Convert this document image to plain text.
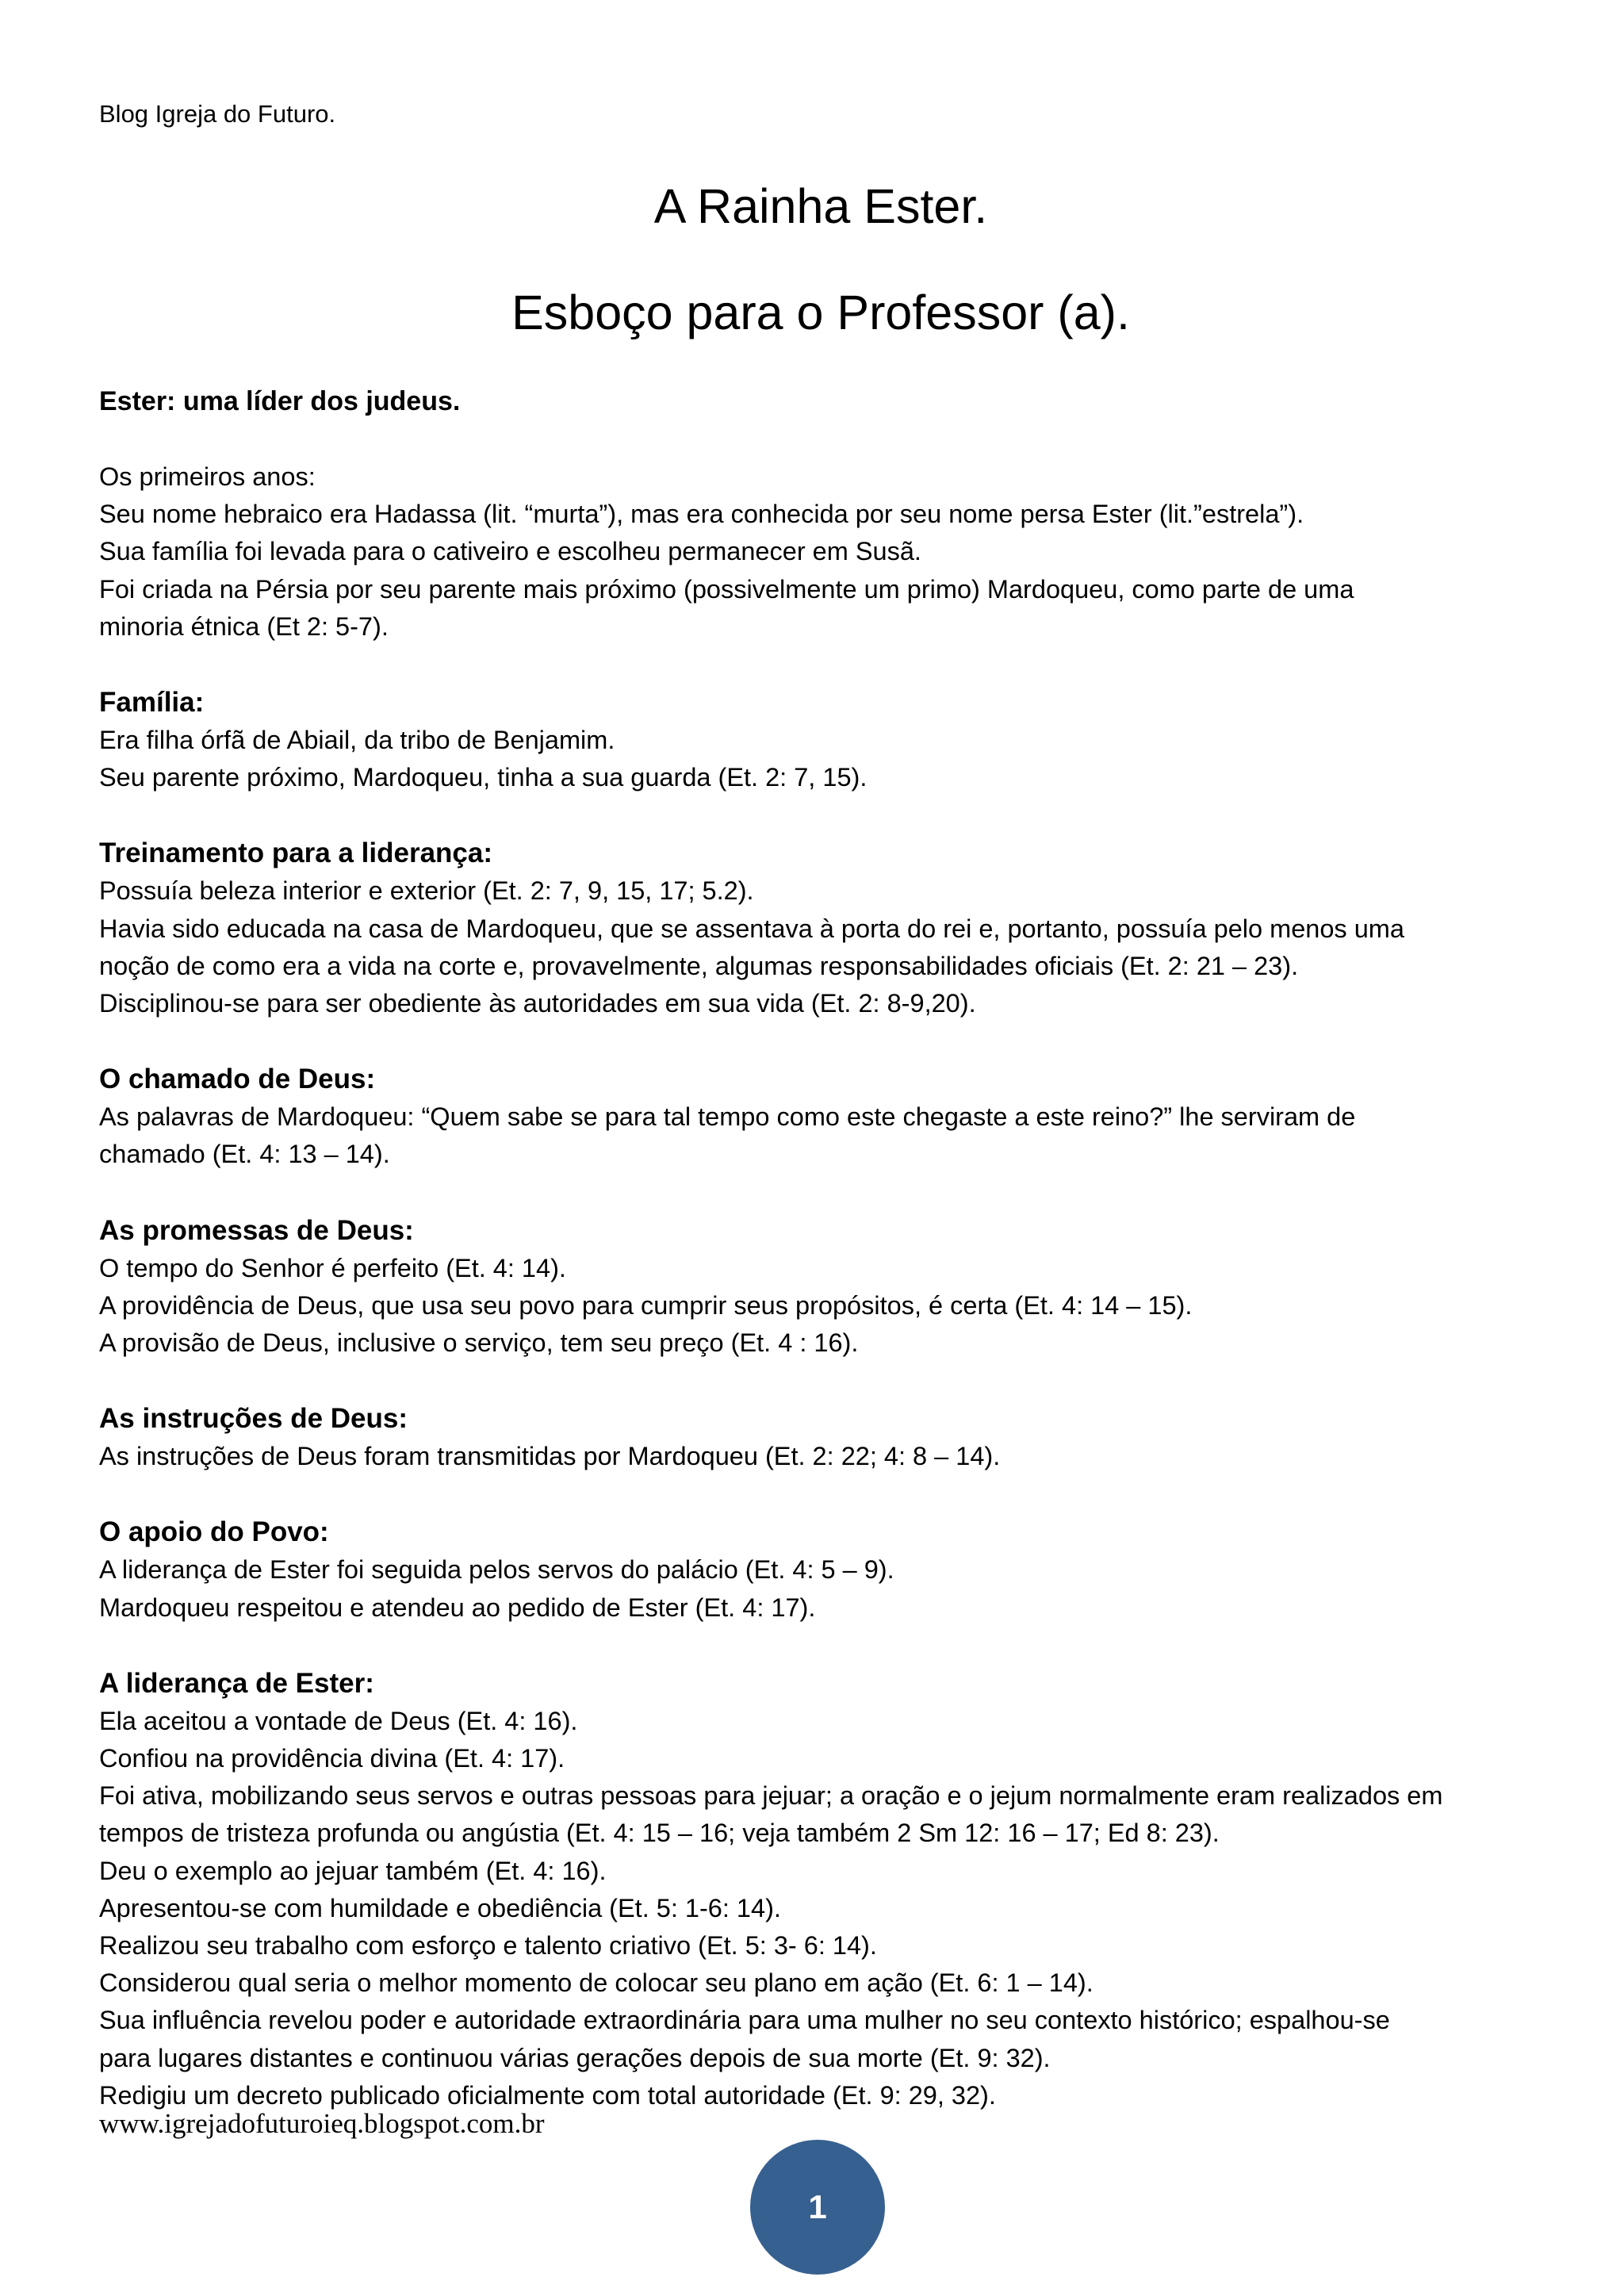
Blog Igreja do Futuro.
A Rainha Ester.
Esboço para o Professor (a).
Ester: uma líder dos judeus.
Os primeiros anos:
Seu nome hebraico era Hadassa (lit. “murta”), mas era conhecida por seu nome persa Ester (lit.”estrela”).
Sua família foi levada para o cativeiro e escolheu permanecer em Susã.
Foi criada na Pérsia por seu parente mais próximo (possivelmente um primo) Mardoqueu, como parte de uma
minoria étnica (Et 2: 5-7).
Família:
Era filha órfã de Abiail, da tribo de Benjamim.
Seu parente próximo, Mardoqueu, tinha a sua guarda (Et. 2: 7, 15).
Treinamento para a liderança:
Possuía beleza interior e exterior (Et. 2: 7, 9, 15, 17; 5.2).
Havia sido educada na casa de Mardoqueu, que se assentava à porta do rei e, portanto, possuía pelo menos uma
noção de como era a vida na corte e, provavelmente, algumas responsabilidades oficiais (Et. 2: 21 – 23).
Disciplinou-se para ser obediente às autoridades em sua vida (Et. 2: 8-9,20).
O chamado de Deus:
As palavras de Mardoqueu: “Quem sabe se para tal tempo como este chegaste a este reino?” lhe serviram de
chamado (Et. 4: 13 – 14).
As promessas de Deus:
O tempo do Senhor é perfeito (Et. 4: 14).
A providência de Deus, que usa seu povo para cumprir seus propósitos, é certa (Et. 4: 14 – 15).
A provisão de Deus, inclusive o serviço, tem seu preço (Et. 4 : 16).
As instruções de Deus:
As instruções de Deus foram transmitidas por Mardoqueu (Et. 2: 22; 4: 8 – 14).
O apoio do Povo:
A liderança de Ester foi seguida pelos servos do palácio (Et. 4: 5 – 9).
Mardoqueu respeitou e atendeu ao pedido de Ester (Et. 4: 17).
A liderança de Ester:
Ela aceitou a vontade de Deus (Et. 4: 16).
Confiou na providência divina (Et. 4: 17).
Foi ativa, mobilizando seus servos e outras pessoas para jejuar; a oração e o jejum normalmente eram realizados em
tempos de tristeza profunda ou angústia (Et. 4: 15 – 16; veja também 2 Sm 12: 16 – 17; Ed 8: 23).
Deu o exemplo ao jejuar também (Et. 4: 16).
Apresentou-se com humildade e obediência (Et. 5: 1-6: 14).
Realizou seu trabalho com esforço e talento criativo (Et. 5: 3- 6: 14).
Considerou qual seria o melhor momento de colocar seu plano em ação (Et. 6: 1 – 14).
Sua influência revelou poder e autoridade extraordinária para uma mulher no seu contexto histórico; espalhou-se
para lugares distantes e continuou várias gerações depois de sua morte (Et. 9: 32).
Redigiu um decreto publicado oficialmente com total autoridade (Et. 9: 29, 32).
www.igrejadofuturoieq.blogspot.com.br
1
